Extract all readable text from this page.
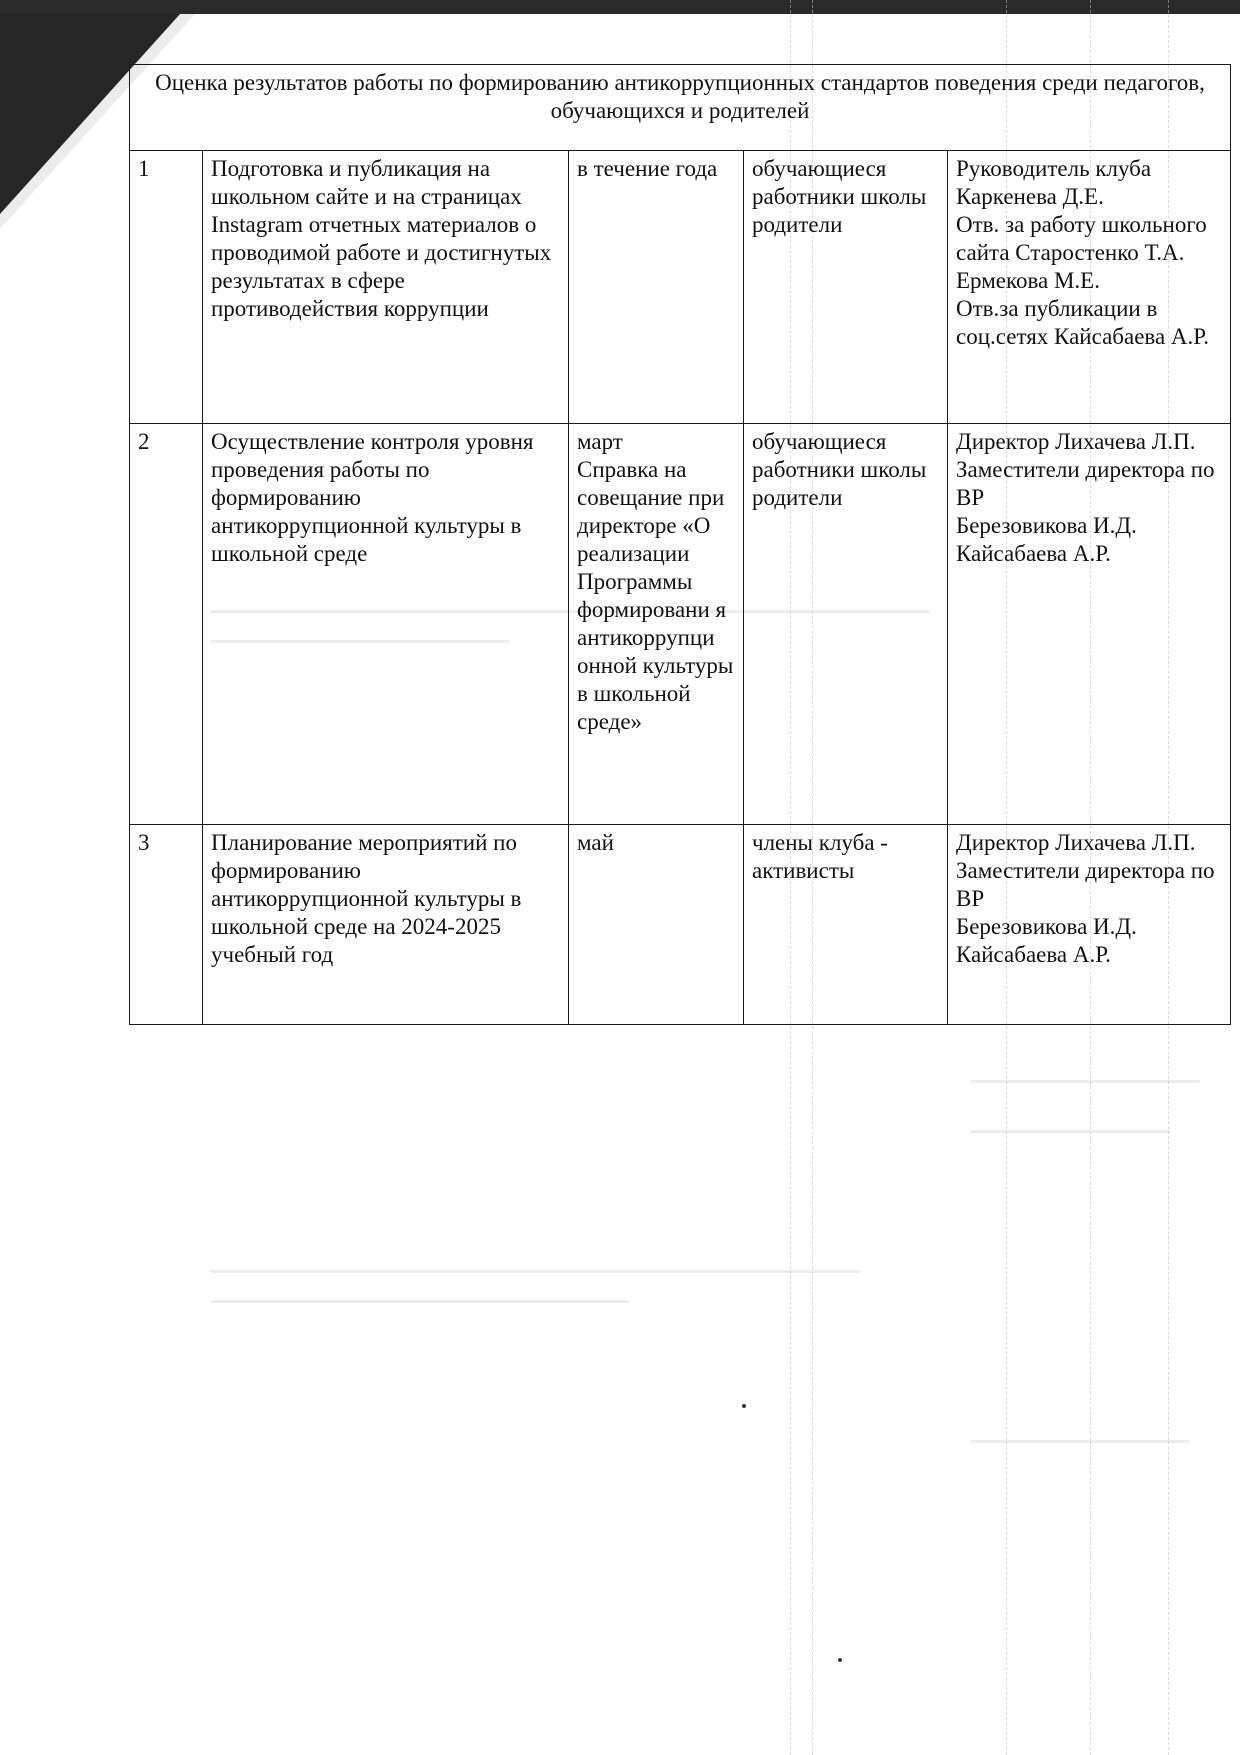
Оценка результатов работы по формированию антикоррупционных стандартов поведения среди педагогов, обучающихся и родителей				
1	Подготовка и публикация на школьном сайте и на страницах Instagram отчетных материалов о проводимой работе и достигнутых результатах в сфере противодействия коррупции	в течение года	обучающиеся
работники школы
родители	Руководитель клуба Каркенева Д.Е.
Отв. за работу школьного сайта Старостенко Т.А.
Ермекова М.Е.
Отв.за публикации в соц.сетях Кайсабаева А.Р.
2	Осуществление контроля уровня проведения работы по формированию антикоррупционной культуры в школьной среде	март
Справка на совещание при директоре «О реализации Программы формировани я антикоррупци онной культуры в школьной среде»	обучающиеся
работники школы
родители	Директор Лихачева Л.П.
Заместители директора по ВР
Березовикова И.Д.
Кайсабаева А.Р.
3	Планирование мероприятий по формированию антикоррупционной культуры в школьной среде на 2024-2025 учебный год	май	члены клуба - активисты	Директор Лихачева Л.П.
Заместители директора по ВР
Березовикова И.Д.
Кайсабаева А.Р.
